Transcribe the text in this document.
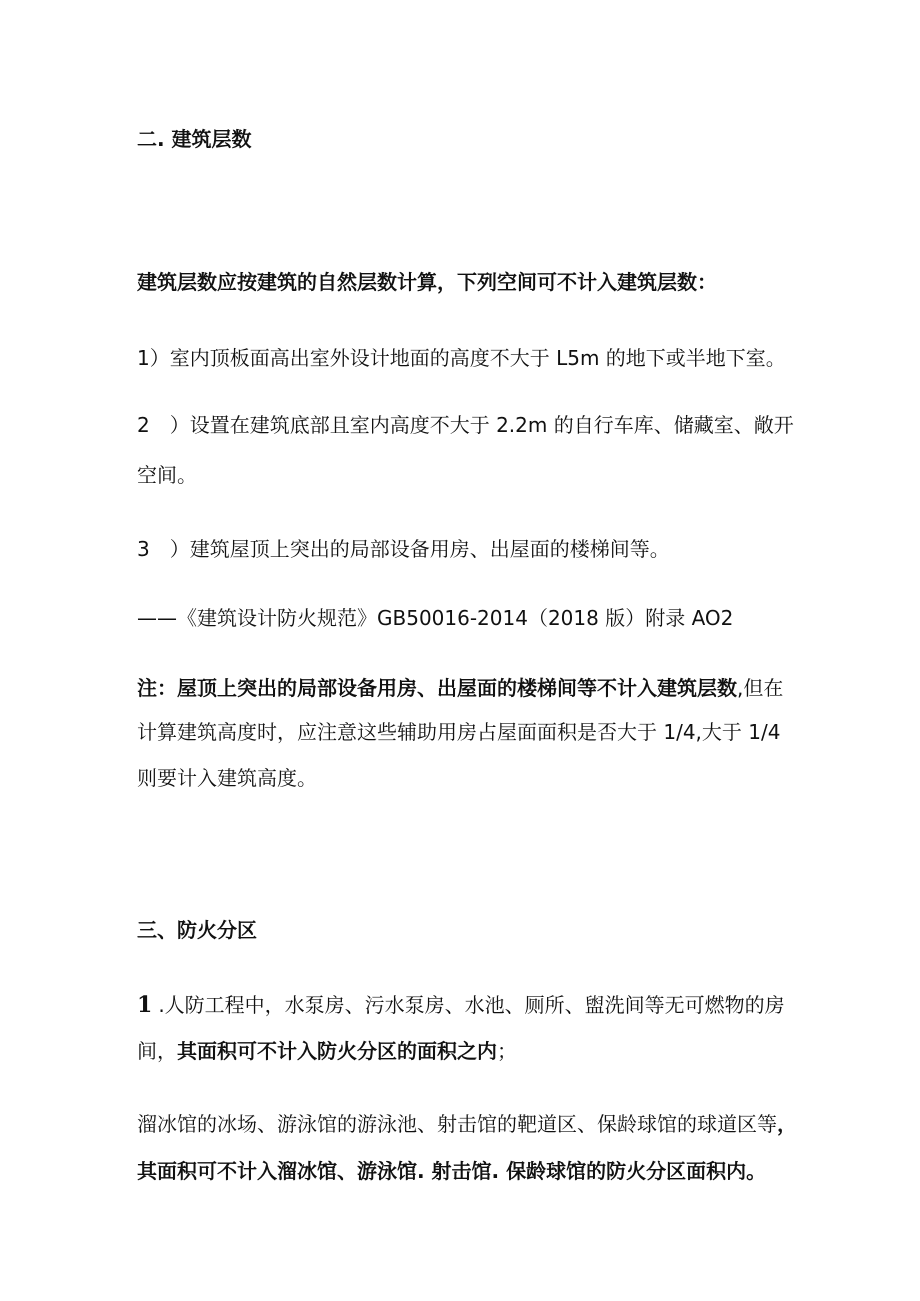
二. 建筑层数

建筑层数应按建筑的自然层数计算，下列空间可不计入建筑层数：

1）室内顶板面高出室外设计地面的高度不大于 L5m 的地下或半地下室。

2　）设置在建筑底部且室内高度不大于 2.2m 的自行车库、储藏室、敞开

空间。

3　）建筑屋顶上突出的局部设备用房、出屋面的楼梯间等。

——《建筑设计防火规范》GB50016-2014（2018 版）附录 AO2

注：屋顶上突出的局部设备用房、出屋面的楼梯间等不计入建筑层数,但在

计算建筑高度时，应注意这些辅助用房占屋面面积是否大于 1/4,大于 1/4

则要计入建筑高度。

三、防火分区

1 .人防工程中，水泵房、污水泵房、水池、厕所、盥洗间等无可燃物的房

间，其面积可不计入防火分区的面积之内；

溜冰馆的冰场、游泳馆的游泳池、射击馆的靶道区、保龄球馆的球道区等，

其面积可不计入溜冰馆、游泳馆. 射击馆. 保龄球馆的防火分区面积内。
